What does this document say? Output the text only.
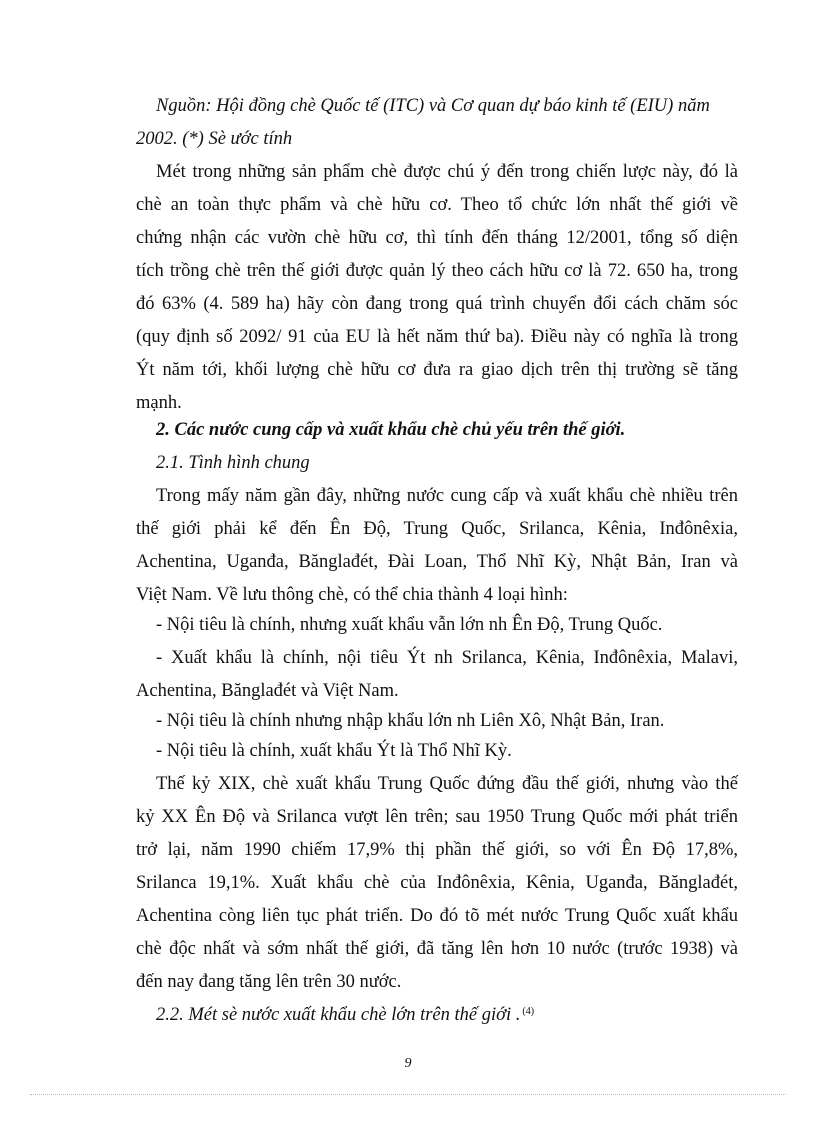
Nguồn: Hội đồng chè Quốc tế (ITC) và Cơ quan dự báo kinh tế (EIU) năm

2002. (*) Sè ước tính

Mét trong những sản phẩm chè được chú ý đến trong chiến lược này, đó là

chè an toàn thực phẩm và chè hữu cơ. Theo tổ chức lớn nhất thế giới về

chứng nhận các vườn chè hữu cơ, thì tính đến tháng 12/2001, tổng số diện

tích trồng chè trên thế giới được quản lý theo cách hữu cơ là 72. 650 ha, trong

đó 63% (4. 589 ha) hãy còn đang trong quá trình chuyển đổi cách chăm sóc

(quy định số 2092/ 91 của EU là hết năm thứ ba). Điều này có nghĩa là trong

Ýt năm tới, khối lượng chè hữu cơ đưa ra giao dịch trên thị trường sẽ tăng

mạnh.

2. Các nước cung cấp và xuất khẩu chè chủ yếu trên thế giới.

2.1. Tình hình chung

Trong mấy năm gần đây, những nước cung cấp và xuất khẩu chè nhiều trên

thế giới phải kể đến Ên Độ, Trung Quốc, Srilanca, Kênia, Inđônêxia,

Achentina, Uganđa, Bănglađét, Đài Loan, Thổ Nhĩ Kỳ, Nhật Bản, Iran và

Việt Nam. Về lưu thông chè, có thể chia thành 4 loại hình:

- Nội tiêu là chính, nhưng xuất khẩu vẫn lớn nh Ên Độ, Trung Quốc.

- Xuất khẩu là chính, nội tiêu Ýt nh Srilanca, Kênia, Inđônêxia, Malavi,

Achentina, Bănglađét và Việt Nam.

- Nội tiêu là chính nhưng nhập khẩu lớn nh Liên Xô, Nhật Bản, Iran.

- Nội tiêu là chính, xuất khẩu Ýt là Thổ Nhĩ Kỳ.

Thế kỷ XIX, chè xuất khẩu Trung Quốc đứng đầu thế giới, nhưng vào thế

kỷ XX Ên Độ và Srilanca vượt lên trên; sau 1950 Trung Quốc mới phát triển

trở lại, năm 1990 chiếm 17,9% thị phần thế giới, so với Ên Độ 17,8%,

Srilanca 19,1%. Xuất khẩu chè của Inđônêxia, Kênia, Uganđa, Bănglađét,

Achentina còng liên tục phát triển. Do đó tõ mét nước Trung Quốc xuất khẩu

chè độc nhất và sớm nhất thế giới, đã tăng lên hơn 10 nước (trước 1938) và

đến nay đang tăng lên trên 30 nước.

2.2. Mét sè nước xuất khẩu chè lớn trên thế giới . $^{(4)}$

9
